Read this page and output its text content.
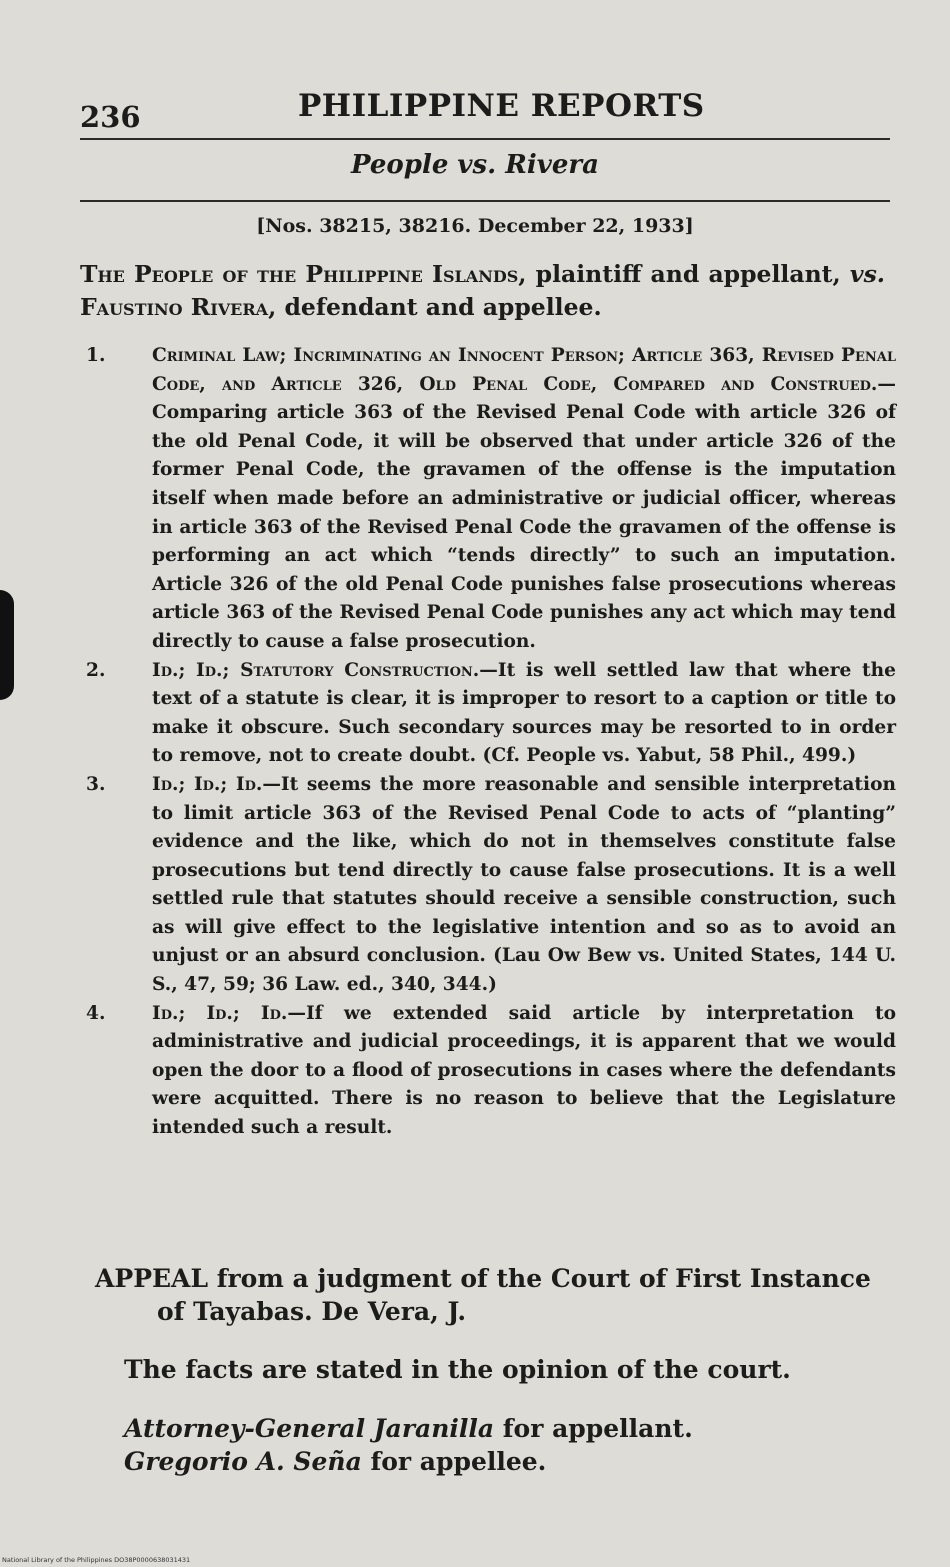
236	PHILIPPINE REPORTS
People vs. Rivera
[Nos. 38215, 38216. December 22, 1933]
The People of the Philippine Islands, plaintiff and appellant, vs. Faustino Rivera, defendant and appellee.

1.	Criminal Law; Incriminating an Innocent Person; Article 363, Revised Penal Code, and Article 326, Old Penal Code, Compared and Construed.—Comparing article 363 of the Revised Penal Code with article 326 of the old Penal Code, it will be observed that under article 326 of the former Penal Code, the gravamen of the offense is the imputation itself when made before an administrative or judicial officer, whereas in article 363 of the Revised Penal Code the gravamen of the offense is performing an act which “tends directly” to such an imputation. Article 326 of the old Penal Code punishes false prosecutions whereas article 363 of the Revised Penal Code punishes any act which may tend directly to cause a false prosecution.

2.	Id.; Id.; Statutory Construction.—It is well settled law that where the text of a statute is clear, it is improper to resort to a caption or title to make it obscure. Such secondary sources may be resorted to in order to remove, not to create doubt. (Cf. People vs. Yabut, 58 Phil., 499.)

3.	Id.; Id.; Id.—It seems the more reasonable and sensible interpretation to limit article 363 of the Revised Penal Code to acts of “planting” evidence and the like, which do not in themselves constitute false prosecutions but tend directly to cause false prosecutions. It is a well settled rule that statutes should receive a sensible construction, such as will give effect to the legislative intention and so as to avoid an unjust or an absurd conclusion. (Lau Ow Bew vs. United States, 144 U. S., 47, 59; 36 Law. ed., 340, 344.)

4.	Id.; Id.; Id.—If we extended said article by interpretation to administrative and judicial proceedings, it is apparent that we would open the door to a flood of prosecutions in cases where the defendants were acquitted. There is no reason to believe that the Legislature intended such a result.

APPEAL from a judgment of the Court of First Instance
of Tayabas. De Vera, J.
The facts are stated in the opinion of the court.
Attorney-General Jaranilla for appellant.
Gregorio A. Seña for appellee.
National Library of the Philippines DO38P0000638031431
